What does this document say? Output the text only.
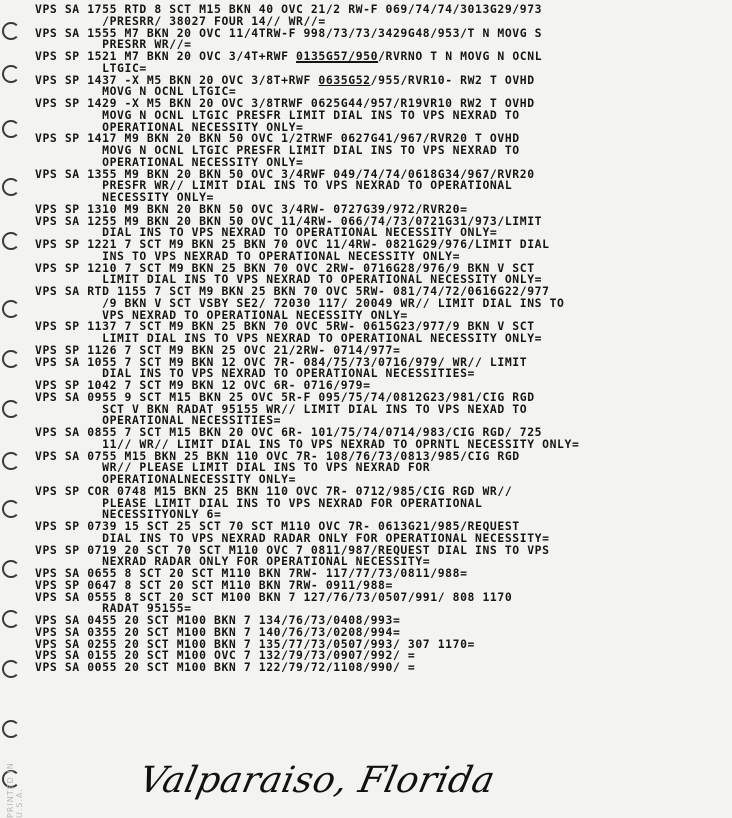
PRINTED IN U.S.A.
VPS SA 1755 RTD 8 SCT M15 BKN 40 OVC 21/2 RW-F 069/74/74/3013G29/973
/PRESRR/ 38027 FOUR 14// WR//=
VPS SA 1555 M7 BKN 20 OVC 11/4TRW-F 998/73/73/3429G48/953/T N MOVG S
PRESRR WR//=
VPS SP 1521 M7 BKN 20 OVC 3/4T+RWF 0135G57/950/RVRNO T N MOVG N OCNL
LTGIC=
VPS SP 1437 -X M5 BKN 20 OVC 3/8T+RWF 0635G52/955/RVR10- RW2 T OVHD
MOVG N OCNL LTGIC=
VPS SP 1429 -X M5 BKN 20 OVC 3/8TRWF 0625G44/957/R19VR10 RW2 T OVHD
MOVG N OCNL LTGIC PRESFR LIMIT DIAL INS TO VPS NEXRAD TO
OPERATIONAL NECESSITY ONLY=
VPS SP 1417 M9 BKN 20 BKN 50 OVC 1/2TRWF 0627G41/967/RVR20 T OVHD
MOVG N OCNL LTGIC PRESFR LIMIT DIAL INS TO VPS NEXRAD TO
OPERATIONAL NECESSITY ONLY=
VPS SA 1355 M9 BKN 20 BKN 50 OVC 3/4RWF 049/74/74/0618G34/967/RVR20
PRESFR WR// LIMIT DIAL INS TO VPS NEXRAD TO OPERATIONAL
NECESSITY ONLY=
VPS SP 1310 M9 BKN 20 BKN 50 OVC 3/4RW- 0727G39/972/RVR20=
VPS SA 1255 M9 BKN 20 BKN 50 OVC 11/4RW- 066/74/73/0721G31/973/LIMIT
DIAL INS TO VPS NEXRAD TO OPERATIONAL NECESSITY ONLY=
VPS SP 1221 7 SCT M9 BKN 25 BKN 70 OVC 11/4RW- 0821G29/976/LIMIT DIAL
INS TO VPS NEXRAD TO OPERATIONAL NECESSITY ONLY=
VPS SP 1210 7 SCT M9 BKN 25 BKN 70 OVC 2RW- 0716G28/976/9 BKN V SCT
LIMIT DIAL INS TO VPS NEXRAD TO OPERATIONAL NECESSITY ONLY=
VPS SA RTD 1155 7 SCT M9 BKN 25 BKN 70 OVC 5RW- 081/74/72/0616G22/977
/9 BKN V SCT VSBY SE2/ 72030 117/ 20049 WR// LIMIT DIAL INS TO
VPS NEXRAD TO OPERATIONAL NECESSITY ONLY=
VPS SP 1137 7 SCT M9 BKN 25 BKN 70 OVC 5RW- 0615G23/977/9 BKN V SCT
LIMIT DIAL INS TO VPS NEXRAD TO OPERATIONAL NECESSITY ONLY=
VPS SP 1126 7 SCT M9 BKN 25 OVC 21/2RW- 0714/977=
VPS SA 1055 7 SCT M9 BKN 12 OVC 7R- 084/75/73/0716/979/ WR// LIMIT
DIAL INS TO VPS NEXRAD TO OPERATIONAL NECESSITIES=
VPS SP 1042 7 SCT M9 BKN 12 OVC 6R- 0716/979=
VPS SA 0955 9 SCT M15 BKN 25 OVC 5R-F 095/75/74/0812G23/981/CIG RGD
SCT V BKN RADAT 95155 WR// LIMIT DIAL INS TO VPS NEXAD TO
OPERATIONAL NECESSITIES=
VPS SA 0855 7 SCT M15 BKN 20 OVC 6R- 101/75/74/0714/983/CIG RGD/ 725
11// WR// LIMIT DIAL INS TO VPS NEXRAD TO OPRNTL NECESSITY ONLY=
VPS SA 0755 M15 BKN 25 BKN 110 OVC 7R- 108/76/73/0813/985/CIG RGD
WR// PLEASE LIMIT DIAL INS TO VPS NEXRAD FOR
OPERATIONALNECESSITY ONLY=
VPS SP COR 0748 M15 BKN 25 BKN 110 OVC 7R- 0712/985/CIG RGD WR//
PLEASE LIMIT DIAL INS TO VPS NEXRAD FOR OPERATIONAL
NECESSITYONLY 6=
VPS SP 0739 15 SCT 25 SCT 70 SCT M110 OVC 7R- 0613G21/985/REQUEST
DIAL INS TO VPS NEXRAD RADAR ONLY FOR OPERATIONAL NECESSITY=
VPS SP 0719 20 SCT 70 SCT M110 OVC 7 0811/987/REQUEST DIAL INS TO VPS
NEXRAD RADAR ONLY FOR OPERATIONAL NECESSITY=
VPS SA 0655 8 SCT 20 SCT M110 BKN 7RW- 117/77/73/0811/988=
VPS SP 0647 8 SCT 20 SCT M110 BKN 7RW- 0911/988=
VPS SA 0555 8 SCT 20 SCT M100 BKN 7 127/76/73/0507/991/ 808 1170
RADAT 95155=
VPS SA 0455 20 SCT M100 BKN 7 134/76/73/0408/993=
VPS SA 0355 20 SCT M100 BKN 7 140/76/73/0208/994=
VPS SA 0255 20 SCT M100 BKN 7 135/77/73/0507/993/ 307 1170=
VPS SA 0155 20 SCT M100 OVC 7 132/79/73/0907/992/ =
VPS SA 0055 20 SCT M100 BKN 7 122/79/72/1108/990/ =
Valparaiso, Florida
